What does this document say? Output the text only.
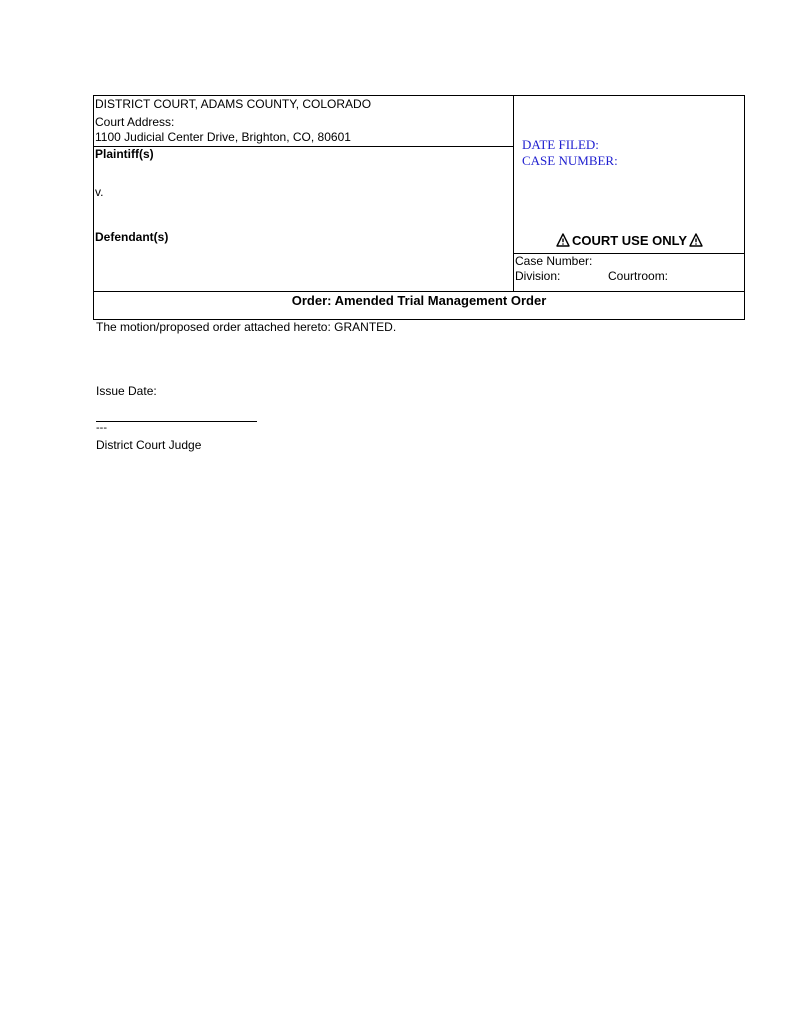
DISTRICT COURT, ADAMS COUNTY, COLORADO
Court Address:
1100 Judicial Center Drive, Brighton, CO, 80601
Plaintiff(s)
v.
Defendant(s)
DATE FILED:
CASE NUMBER:
COURT USE ONLY
Case Number:
Division:	Courtroom:
Order: Amended Trial Management Order
The motion/proposed order attached hereto: GRANTED.
Issue Date:
---
District Court Judge
